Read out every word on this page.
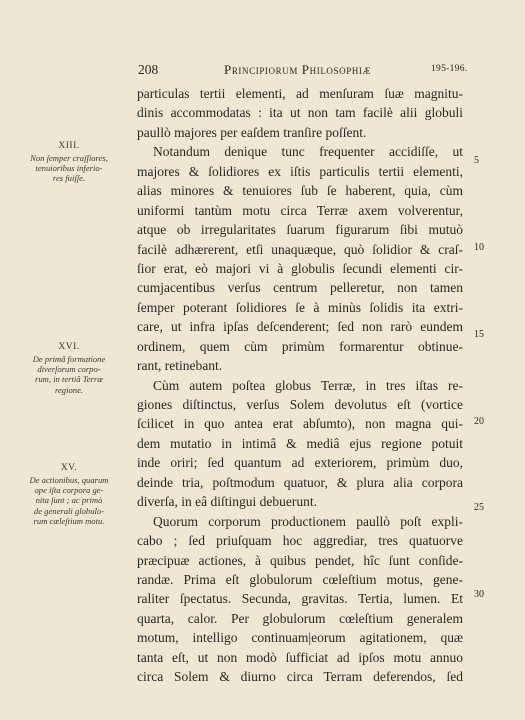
208	Principiorum Philosophiæ	195-196.
XIII.
Non ſemper craſſiores,
tenuioribus inferio-
res fuiſſe.
XVI.
De primâ formatione
diverſorum corpo-
rum, in tertiâ Terræ
regione.
XV.
De actionibus, quarum
ope iſta corpora ge-
nita ſunt ; ac primò
de generali globulo-
rum cœleſtium motu.
particulas tertii elementi, ad menſuram ſuæ magnitu-
dinis accommodatas : ita ut non tam facilè alii globuli
paullò majores per eaſdem tranſire poſſent.
Notandum denique tunc frequenter accidiſſe, ut
majores & ſolidiores ex iſtis particulis tertii elementi,
alias minores & tenuiores ſub ſe haberent, quia, cùm
uniformi tantùm motu circa Terræ axem volverentur,
atque ob irregularitates ſuarum figurarum ſibi mutuò
facilè adhærerent, etſi unaquæque, quò ſolidior & craſ-
ſior erat, eò majori vi à globulis ſecundi elementi cir-
cumjacentibus verſus centrum pelleretur, non tamen
ſemper poterant ſolidiores ſe à minùs ſolidis ita extri-
care, ut infra ipſas deſcenderent; ſed non rarò eundem
ordinem, quem cùm primùm formarentur obtinue-
rant, retinebant.
Cùm autem poſtea globus Terræ, in tres iſtas re-
giones diſtinctus, verſus Solem devolutus eſt (vortice
ſcilicet in quo antea erat abſumto), non magna qui-
dem mutatio in intimâ & mediâ ejus regione potuit
inde oriri; ſed quantum ad exteriorem, primùm duo,
deinde tria, poſtmodum quatuor, & plura alia corpora
diverſa, in eâ diſtingui debuerunt.
Quorum corporum productionem paullò poſt expli-
cabo ; ſed priuſquam hoc aggrediar, tres quatuorve
præcipuæ actiones, à quibus pendet, hîc ſunt conſide-
randæ. Prima eſt globulorum cœleſtium motus, gene-
raliter ſpectatus. Secunda, gravitas. Tertia, lumen. Et
quarta, calor. Per globulorum cœleſtium generalem
motum, intelligo continuam|eorum agitationem, quæ
tanta eſt, ut non modò ſufficiat ad ipſos motu annuo
circa Solem & diurno circa Terram deferendos, ſed
5
10
15
20
25
30
